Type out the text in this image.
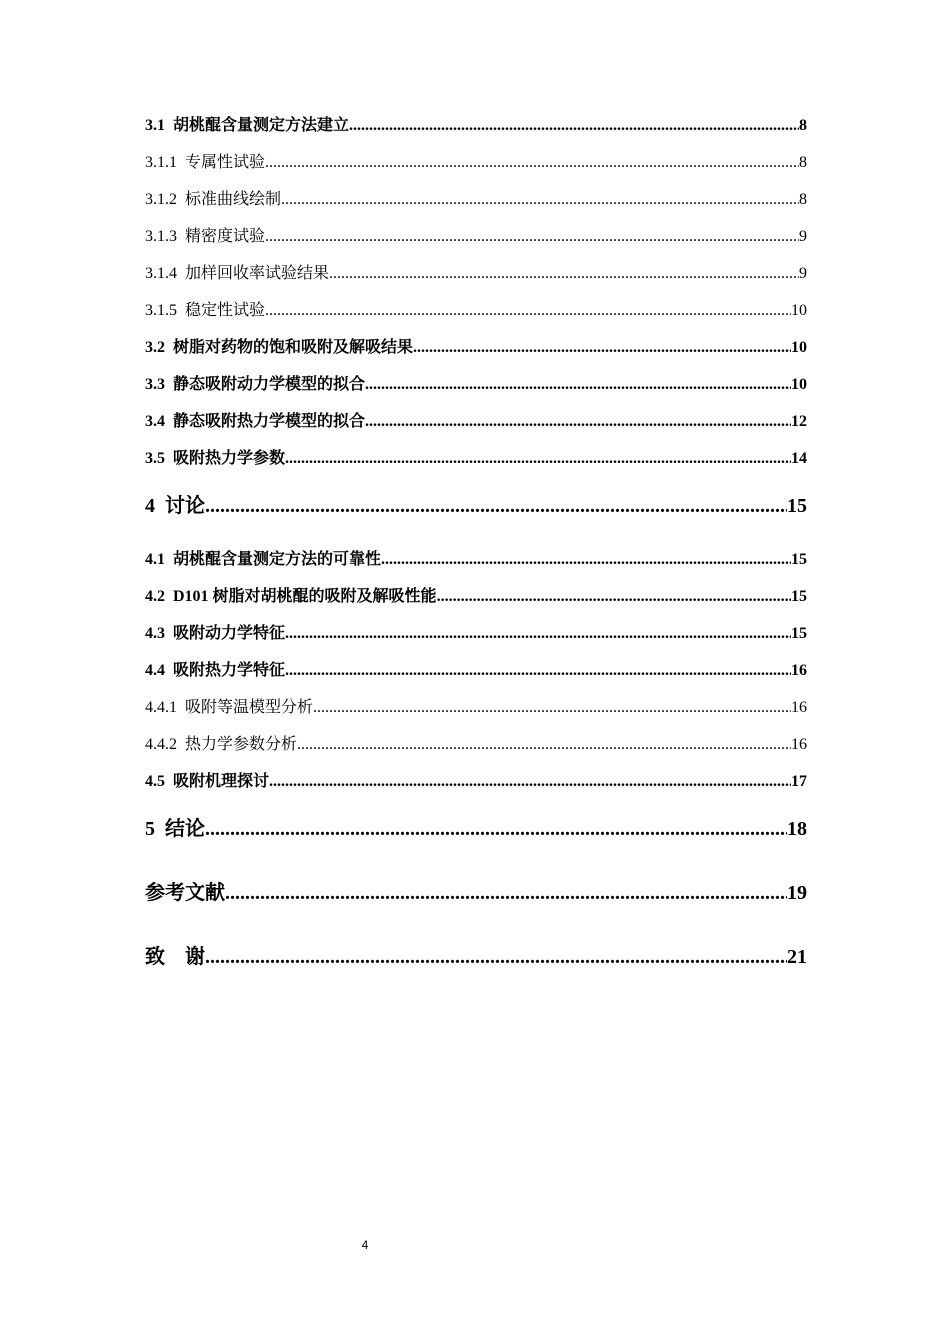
3.1 胡桃醌含量测定方法建立 .....	8
3.1.1 专属性试验 .....	8
3.1.2 标准曲线绘制 .....	8
3.1.3 精密度试验 .....	9
3.1.4 加样回收率试验结果 .....	9
3.1.5 稳定性试验 .....	10
3.2 树脂对药物的饱和吸附及解吸结果 .....	10
3.3 静态吸附动力学模型的拟合 .....	10
3.4 静态吸附热力学模型的拟合 .....	12
3.5 吸附热力学参数 .....	14
4 讨论 .....	15
4.1 胡桃醌含量测定方法的可靠性 .....	15
4.2 D101 树脂对胡桃醌的吸附及解吸性能 .....	15
4.3 吸附动力学特征 .....	15
4.4 吸附热力学特征 .....	16
4.4.1 吸附等温模型分析 .....	16
4.4.2 热力学参数分析 .....	16
4.5 吸附机理探讨 .....	17
5 结论 .....	18
参考文献 .....	19
致　谢 .....	21
4
